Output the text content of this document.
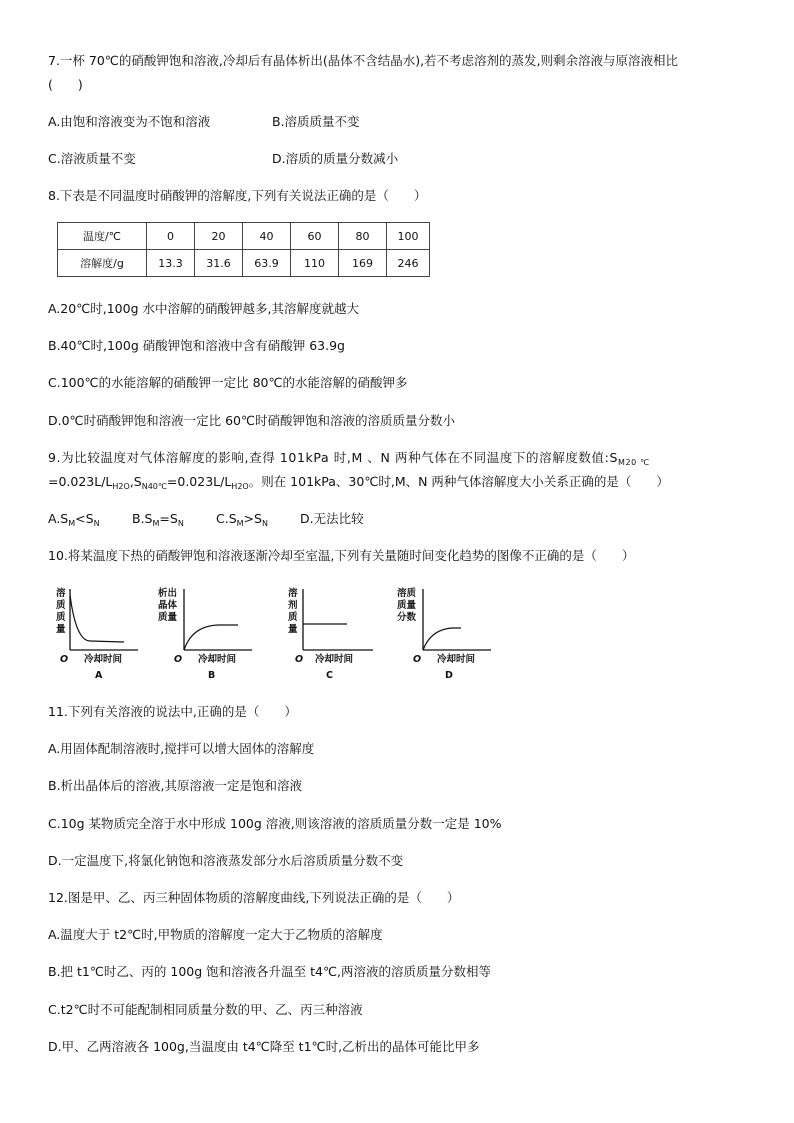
7.一杯 70℃的硝酸钾饱和溶液,冷却后有晶体析出(晶体不含结晶水),若不考虑溶剂的蒸发,则剩余溶液与原溶液相比
(　　)
A.由饱和溶液变为不饱和溶液	B.溶质质量不变
C.溶液质量不变	D.溶质的质量分数减小
8.下表是不同温度时硝酸钾的溶解度,下列有关说法正确的是（　　）
温度/℃	0	20	40	60	80	100
溶解度/g	13.3	31.6	63.9	110	169	246
A.20℃时,100g 水中溶解的硝酸钾越多,其溶解度就越大
B.40℃时,100g 硝酸钾饱和溶液中含有硝酸钾 63.9g
C.100℃的水能溶解的硝酸钾一定比 80℃的水能溶解的硝酸钾多
D.0℃时硝酸钾饱和溶液一定比 60℃时硝酸钾饱和溶液的溶质质量分数小
9.为比较温度对气体溶解度的影响,查得 101kPa 时,M 、N 两种气体在不同温度下的溶解度数值$:S_{M20 ℃}$
$=0.023L/L_{H2O},S_{N40℃}=0.023L/L_{H2O}$。则在 101kPa、30℃时,M、N 两种气体溶解度大小关系正确的是（　　）
$A.S_M<S_N$	$B.S_M=S_N$	$C.S_M>S_N$	D.无法比较
10.将某温度下热的硝酸钾饱和溶液逐渐冷却至室温,下列有关量随时间变化趋势的图像不正确的是（　　）
溶
质
质
量
O 冷却时间
A
析出
晶体
质量
O 冷却时间
B
溶
剂
质
量
O 冷却时间
C
溶质
质量
分数
O 冷却时间
D
11.下列有关溶液的说法中,正确的是（　　）
A.用固体配制溶液时,搅拌可以增大固体的溶解度
B.析出晶体后的溶液,其原溶液一定是饱和溶液
C.10g 某物质完全溶于水中形成 100g 溶液,则该溶液的溶质质量分数一定是 10%
D.一定温度下,将氯化钠饱和溶液蒸发部分水后溶质质量分数不变
12.图是甲、乙、丙三种固体物质的溶解度曲线,下列说法正确的是（　　）
A.温度大于 t2℃时,甲物质的溶解度一定大于乙物质的溶解度
B.把 t1℃时乙、丙的 100g 饱和溶液各升温至 t4℃,两溶液的溶质质量分数相等
C.t2℃时不可能配制相同质量分数的甲、乙、丙三种溶液
D.甲、乙两溶液各 100g,当温度由 t4℃降至 t1℃时,乙析出的晶体可能比甲多
